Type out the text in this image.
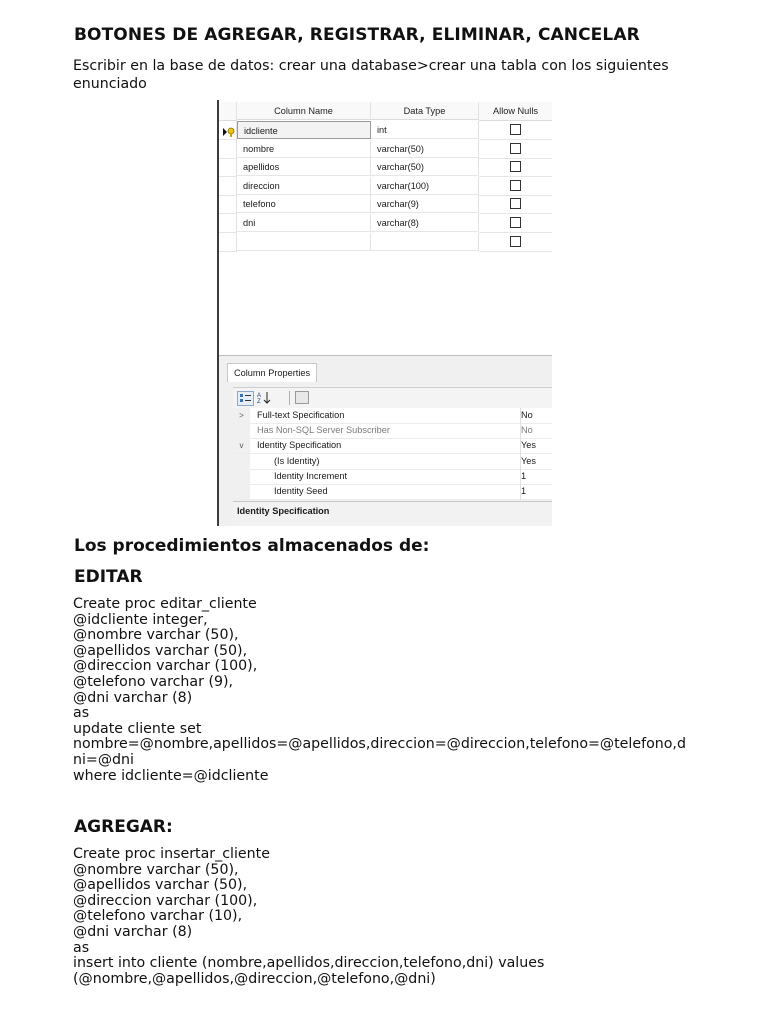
BOTONES DE AGREGAR, REGISTRAR, ELIMINAR, CANCELAR
Escribir en la base de datos: crear una database>crear una tabla con los siguientes enunciado
Column Name	Data Type	Allow Nulls
idcliente	int
nombre	varchar(50)
apellidos	varchar(50)
direccion	varchar(100)
telefono	varchar(9)
dni	varchar(8)
Column Properties
A
Z
>	Full-text Specification	No
Has Non-SQL Server Subscriber	No
v	Identity Specification	Yes
(Is Identity)	Yes
Identity Increment	1
Identity Seed	1
Identity Specification
Los procedimientos almacenados de:
EDITAR
Create proc editar_cliente
@idcliente integer,
@nombre varchar (50),
@apellidos varchar (50),
@direccion varchar (100),
@telefono varchar (9),
@dni varchar (8)
as
update cliente set
nombre=@nombre,apellidos=@apellidos,direccion=@direccion,telefono=@telefono,d
ni=@dni
where idcliente=@idcliente
AGREGAR:
Create proc insertar_cliente
@nombre varchar (50),
@apellidos varchar (50),
@direccion varchar (100),
@telefono varchar (10),
@dni varchar (8)
as
insert into cliente (nombre,apellidos,direccion,telefono,dni) values
(@nombre,@apellidos,@direccion,@telefono,@dni)
